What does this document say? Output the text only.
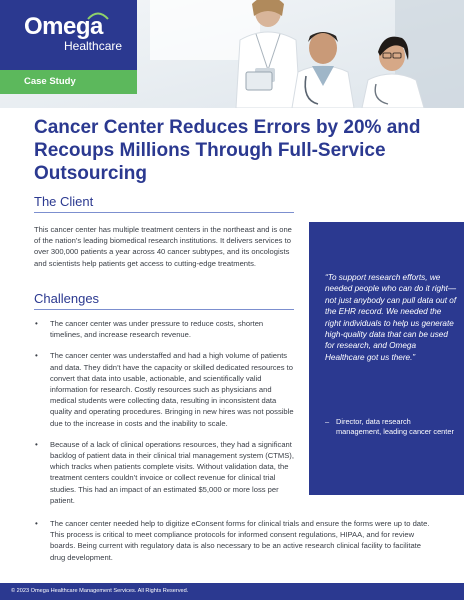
Omega
Healthcare
Case Study
Cancer Center Reduces Errors by 20% and Recoups Millions Through Full-Service Outsourcing
The Client

This cancer center has multiple treatment centers in the northeast and is one of the nation’s leading biomedical research institutions. It delivers services to over 300,000 patients a year across 40 cancer subtypes, and its oncologists and scientists help patients get access to cutting-edge treatments.

Challenges
• The cancer center was under pressure to reduce costs, shorten timelines, and increase research revenue.
• The cancer center was understaffed and had a high volume of patients and data. They didn’t have the capacity or skilled dedicated resources to convert that data into usable, actionable, and scientifically valid information for research. Costly resources such as physicians and medical students were collecting data, resulting in inconsistent data quality and operating procedures. Bringing in new hires was not possible due to the increase in costs and the inability to scale.
• Because of a lack of clinical operations resources, they had a significant backlog of patient data in their clinical trial management system (CTMS), which tracks when patients complete visits. Without validation data, the treatment centers couldn’t invoice or collect revenue for clinical trial studies. This had an impact of an estimated $5,000 or more loss per patient.
• The cancer center needed help to digitize eConsent forms for clinical trials and ensure the forms were up to date. This process is critical to meet compliance protocols for informed consent regulations, HIPAA, and for review boards. Being current with regulatory data is also necessary to be an active research clinical facility to facilitate drug development.

“To support research efforts, we needed people who can do it right—not just anybody can pull data out of the EHR record. We needed the right individuals to help us generate high-quality data that can be used for research, and Omega Healthcare got us there.”

– Director, data research management, leading cancer center
© 2023 Omega Healthcare Management Services. All Rights Reserved.
